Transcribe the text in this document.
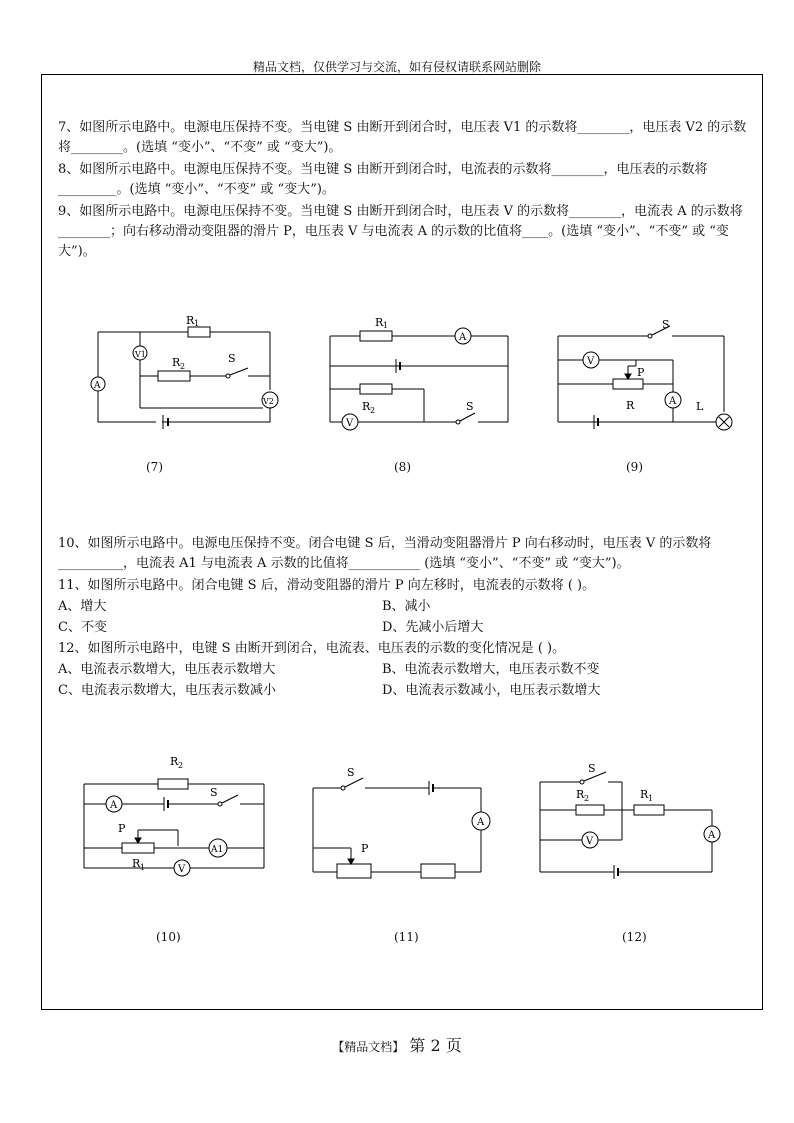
精品文档，仅供学习与交流，如有侵权请联系网站删除
7、如图所示电路中。电源电压保持不变。当电键 S 由断开到闭合时，电压表 V1 的示数将________，电压表 V2 的示数将________。(选填 “变小”、“不变” 或 “变大”)。
8、如图所示电路中。电源电压保持不变。当电键 S 由断开到闭合时，电流表的示数将________，电压表的示数将_________。(选填 “变小”、“不变” 或 “变大”)。
9、如图所示电路中。电源电压保持不变。当电键 S 由断开到闭合时，电压表 V 的示数将________，电流表 A 的示数将________；向右移动滑动变阻器的滑片 P，电压表 V 与电流表 A 的示数的比值将____。(选填 “变小”、“不变” 或 “变大”)。
A
V1
V2
R 1
R 2
S
(7)
A
V
R 1
R 2	S
(8)
V
A
P
R
S
L
(9)
10、如图所示电路中。电源电压保持不变。闭合电键 S 后，当滑动变阻器滑片 P 向右移动时，电压表 V 的示数将__________，电流表 A1 与电流表 A 示数的比值将___________ (选填 “变小”、“不变” 或 “变大”)。
11、如图所示电路中。闭合电键 S 后，滑动变阻器的滑片 P 向左移时，电流表的示数将 ( )。
A、增大	B、减小
C、不变	D、先减小后增大
12、如图所示电路中，电键 S 由断开到闭合，电流表、电压表的示数的变化情况是 ( )。
A、电流表示数增大，电压表示数增大	B、电流表示数增大，电压表示数不变
C、电流表示数增大，电压表示数减小	D、电流表示数减小，电压表示数增大
A
A1
V
R 2
R 1
P
S
(10)
A
S
P
(11)
V
A
S
R 2	R 1
(12)
【精品文档】 第 2 页
